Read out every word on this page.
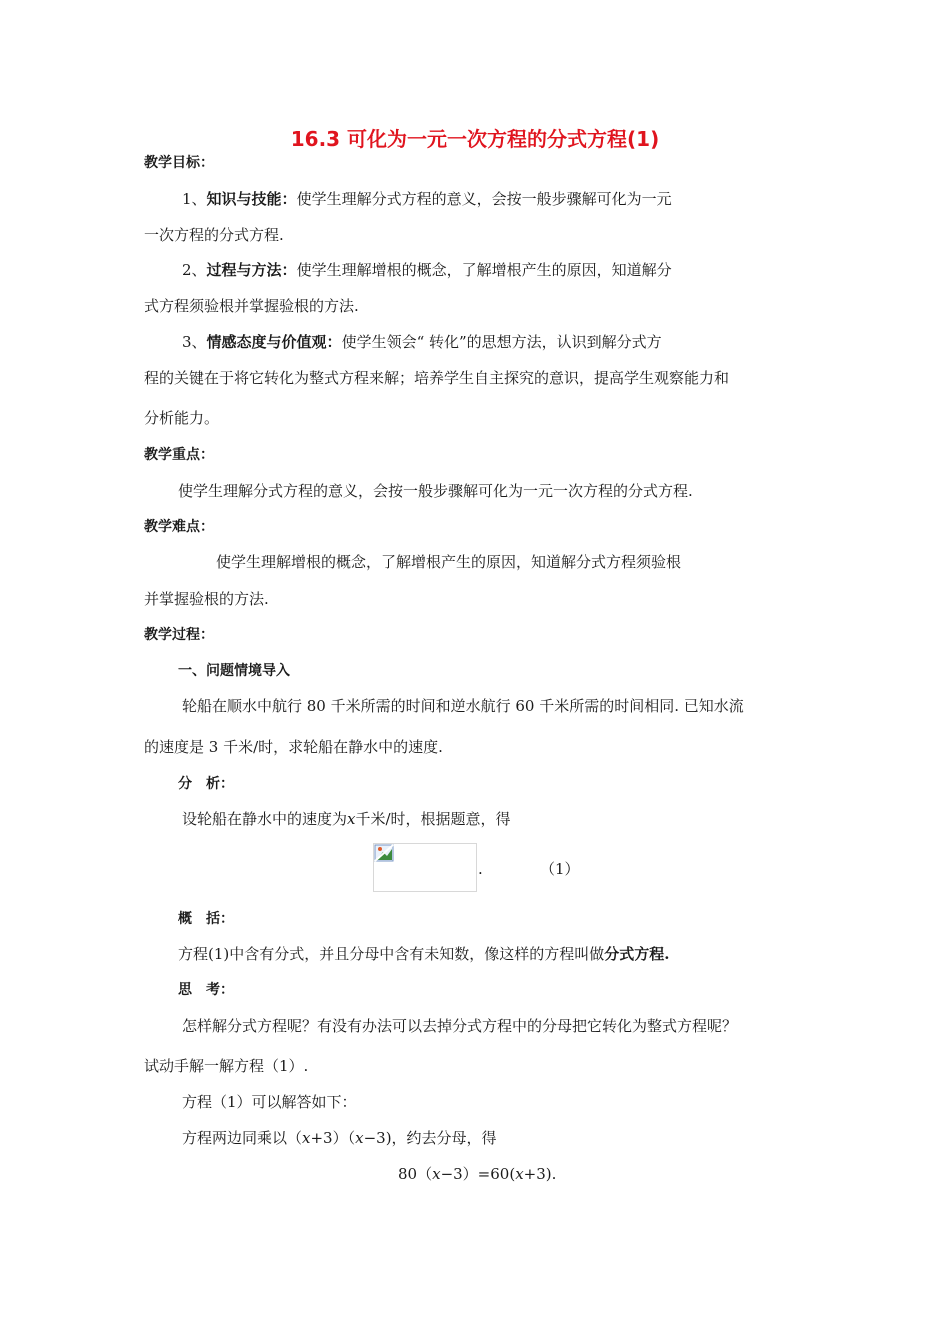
16.3 可化为一元一次方程的分式方程(1)
教学目标：
1、知识与技能：使学生理解分式方程的意义，会按一般步骤解可化为一元
一次方程的分式方程.
2、过程与方法：使学生理解增根的概念，了解增根产生的原因，知道解分
式方程须验根并掌握验根的方法.
3、情感态度与价值观：使学生领会“ 转化”的思想方法，认识到解分式方
程的关键在于将它转化为整式方程来解；培养学生自主探究的意识，提高学生观察能力和
分析能力。
教学重点：
使学生理解分式方程的意义，会按一般步骤解可化为一元一次方程的分式方程.
教学难点：
使学生理解增根的概念，了解增根产生的原因，知道解分式方程须验根
并掌握验根的方法.
教学过程：
一、问题情境导入
轮船在顺水中航行 80 千米所需的时间和逆水航行 60 千米所需的时间相同. 已知水流
的速度是 3 千米/时，求轮船在静水中的速度.
分　析：
设轮船在静水中的速度为x千米/时，根据题意，得
.	（1）
概　括：
方程(1)中含有分式，并且分母中含有未知数，像这样的方程叫做分式方程.
思　考：
怎样解分式方程呢？有没有办法可以去掉分式方程中的分母把它转化为整式方程呢？
试动手解一解方程（1）.
方程（1）可以解答如下：
方程两边同乘以（x+3）（x−3)，约去分母，得
80（x−3）=60(x+3).
